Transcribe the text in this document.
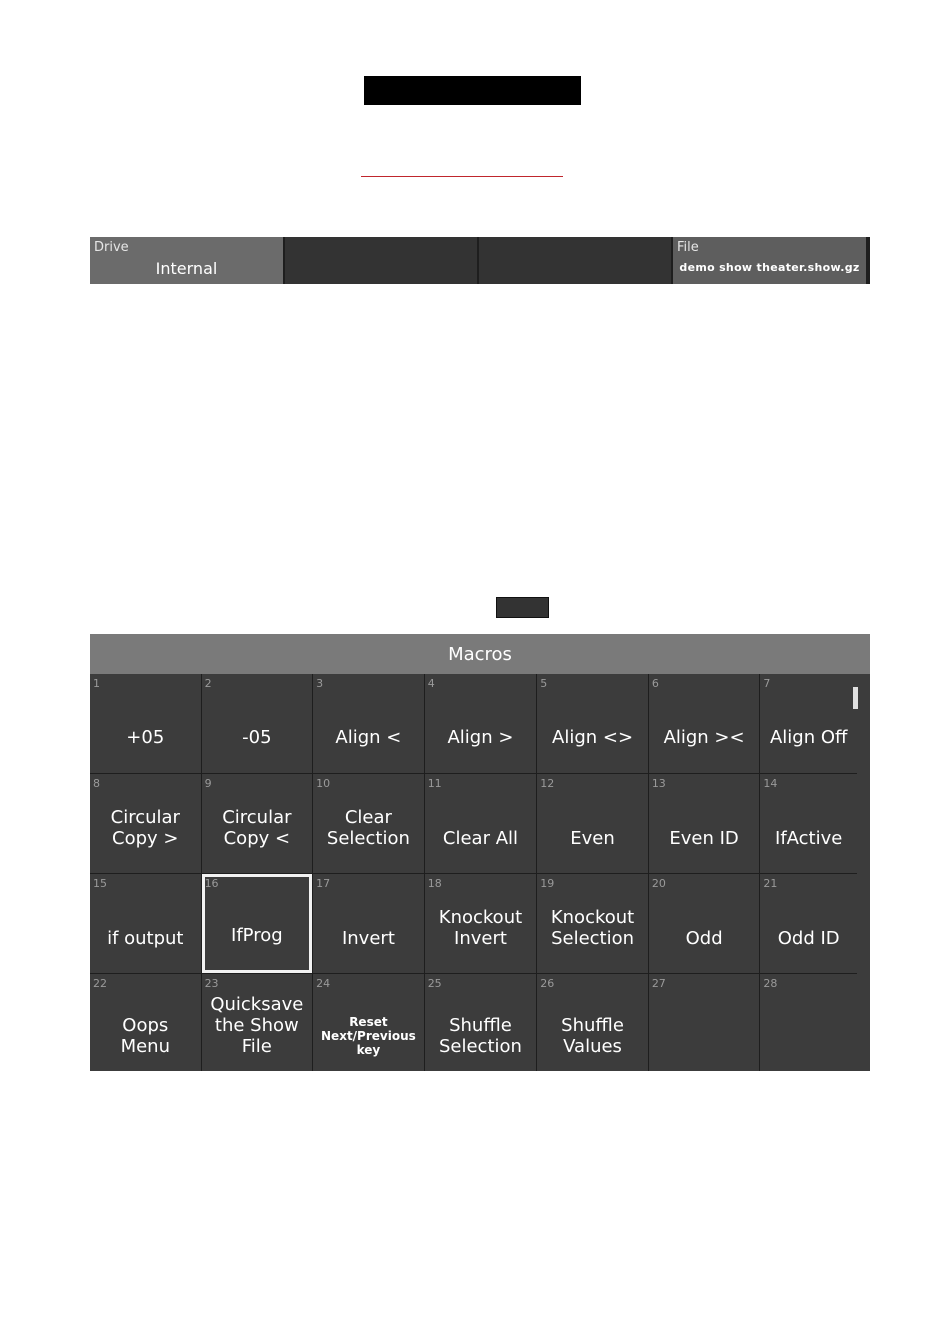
Drive
Internal
File
demo show theater.show.gz
Macros
1
+05
2
-05
3
Align <
4
Align >
5
Align <>
6
Align ><
7
Align Off
8
Circular
Copy >
9
Circular
Copy <
10
Clear
Selection
11
Clear All
12
Even
13
Even ID
14
IfActive
15
if output
16
IfProg
17
Invert
18
Knockout
Invert
19
Knockout
Selection
20
Odd
21
Odd ID
22
Oops
Menu
23
Quicksave
the Show
File
24
Reset
Next/Previous
key
25
Shuffle
Selection
26
Shuffle
Values
27	28
